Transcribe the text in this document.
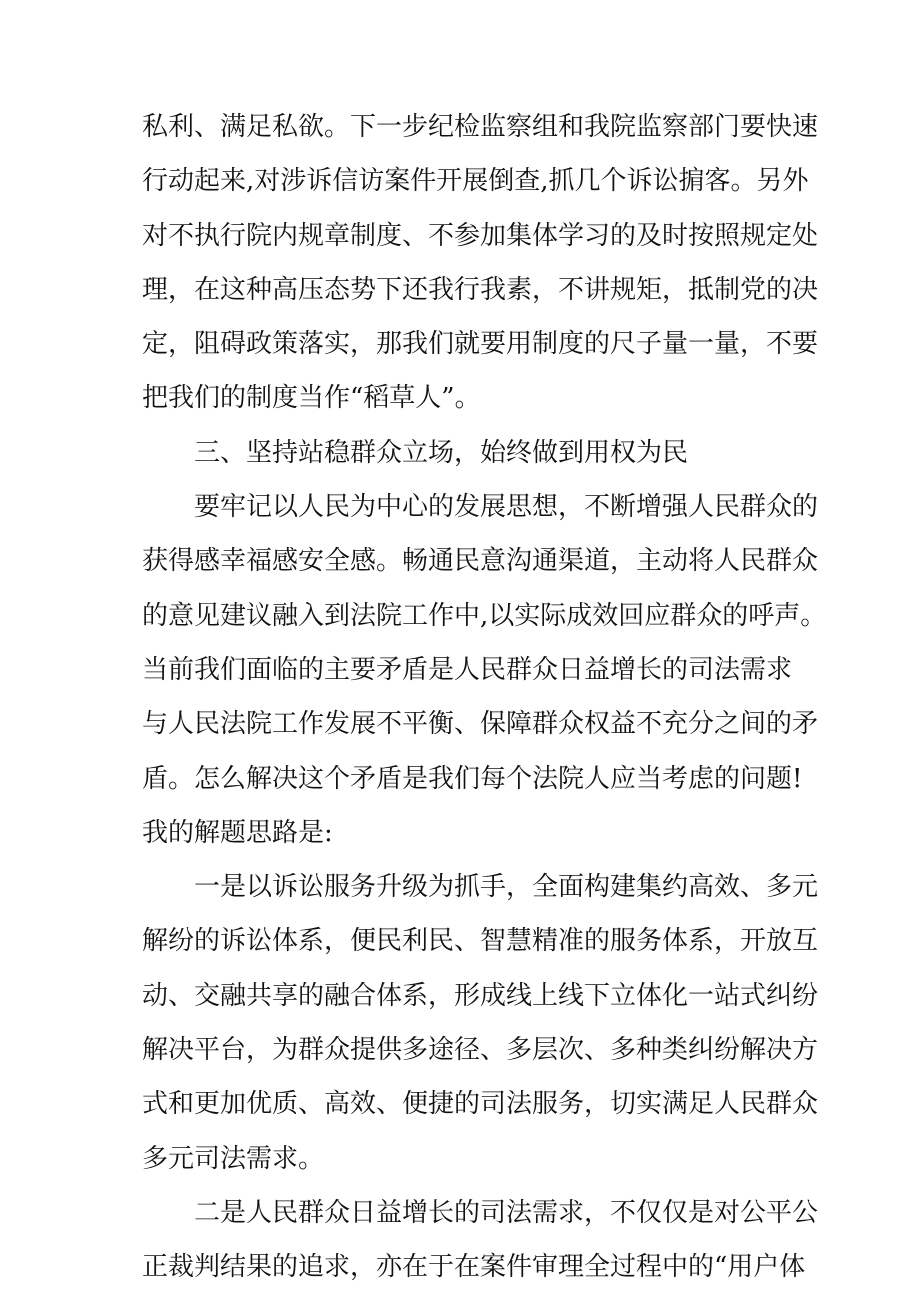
私利、满足私欲。下一步纪检监察组和我院监察部门要快速
行动起来,对涉诉信访案件开展倒查,抓几个诉讼掮客。另外
对不执行院内规章制度、不参加集体学习的及时按照规定处
理，在这种高压态势下还我行我素，不讲规矩，抵制党的决
定，阻碍政策落实，那我们就要用制度的尺子量一量，不要
把我们的制度当作“稻草人”。
三、坚持站稳群众立场，始终做到用权为民
要牢记以人民为中心的发展思想，不断增强人民群众的
获得感幸福感安全感。畅通民意沟通渠道，主动将人民群众
的意见建议融入到法院工作中,以实际成效回应群众的呼声。
当前我们面临的主要矛盾是人民群众日益增长的司法需求
与人民法院工作发展不平衡、保障群众权益不充分之间的矛
盾。怎么解决这个矛盾是我们每个法院人应当考虑的问题!
我的解题思路是:
一是以诉讼服务升级为抓手，全面构建集约高效、多元
解纷的诉讼体系，便民利民、智慧精准的服务体系，开放互
动、交融共享的融合体系，形成线上线下立体化一站式纠纷
解决平台，为群众提供多途径、多层次、多种类纠纷解决方
式和更加优质、高效、便捷的司法服务，切实满足人民群众
多元司法需求。
二是人民群众日益增长的司法需求，不仅仅是对公平公
正裁判结果的追求，亦在于在案件审理全过程中的“用户体
